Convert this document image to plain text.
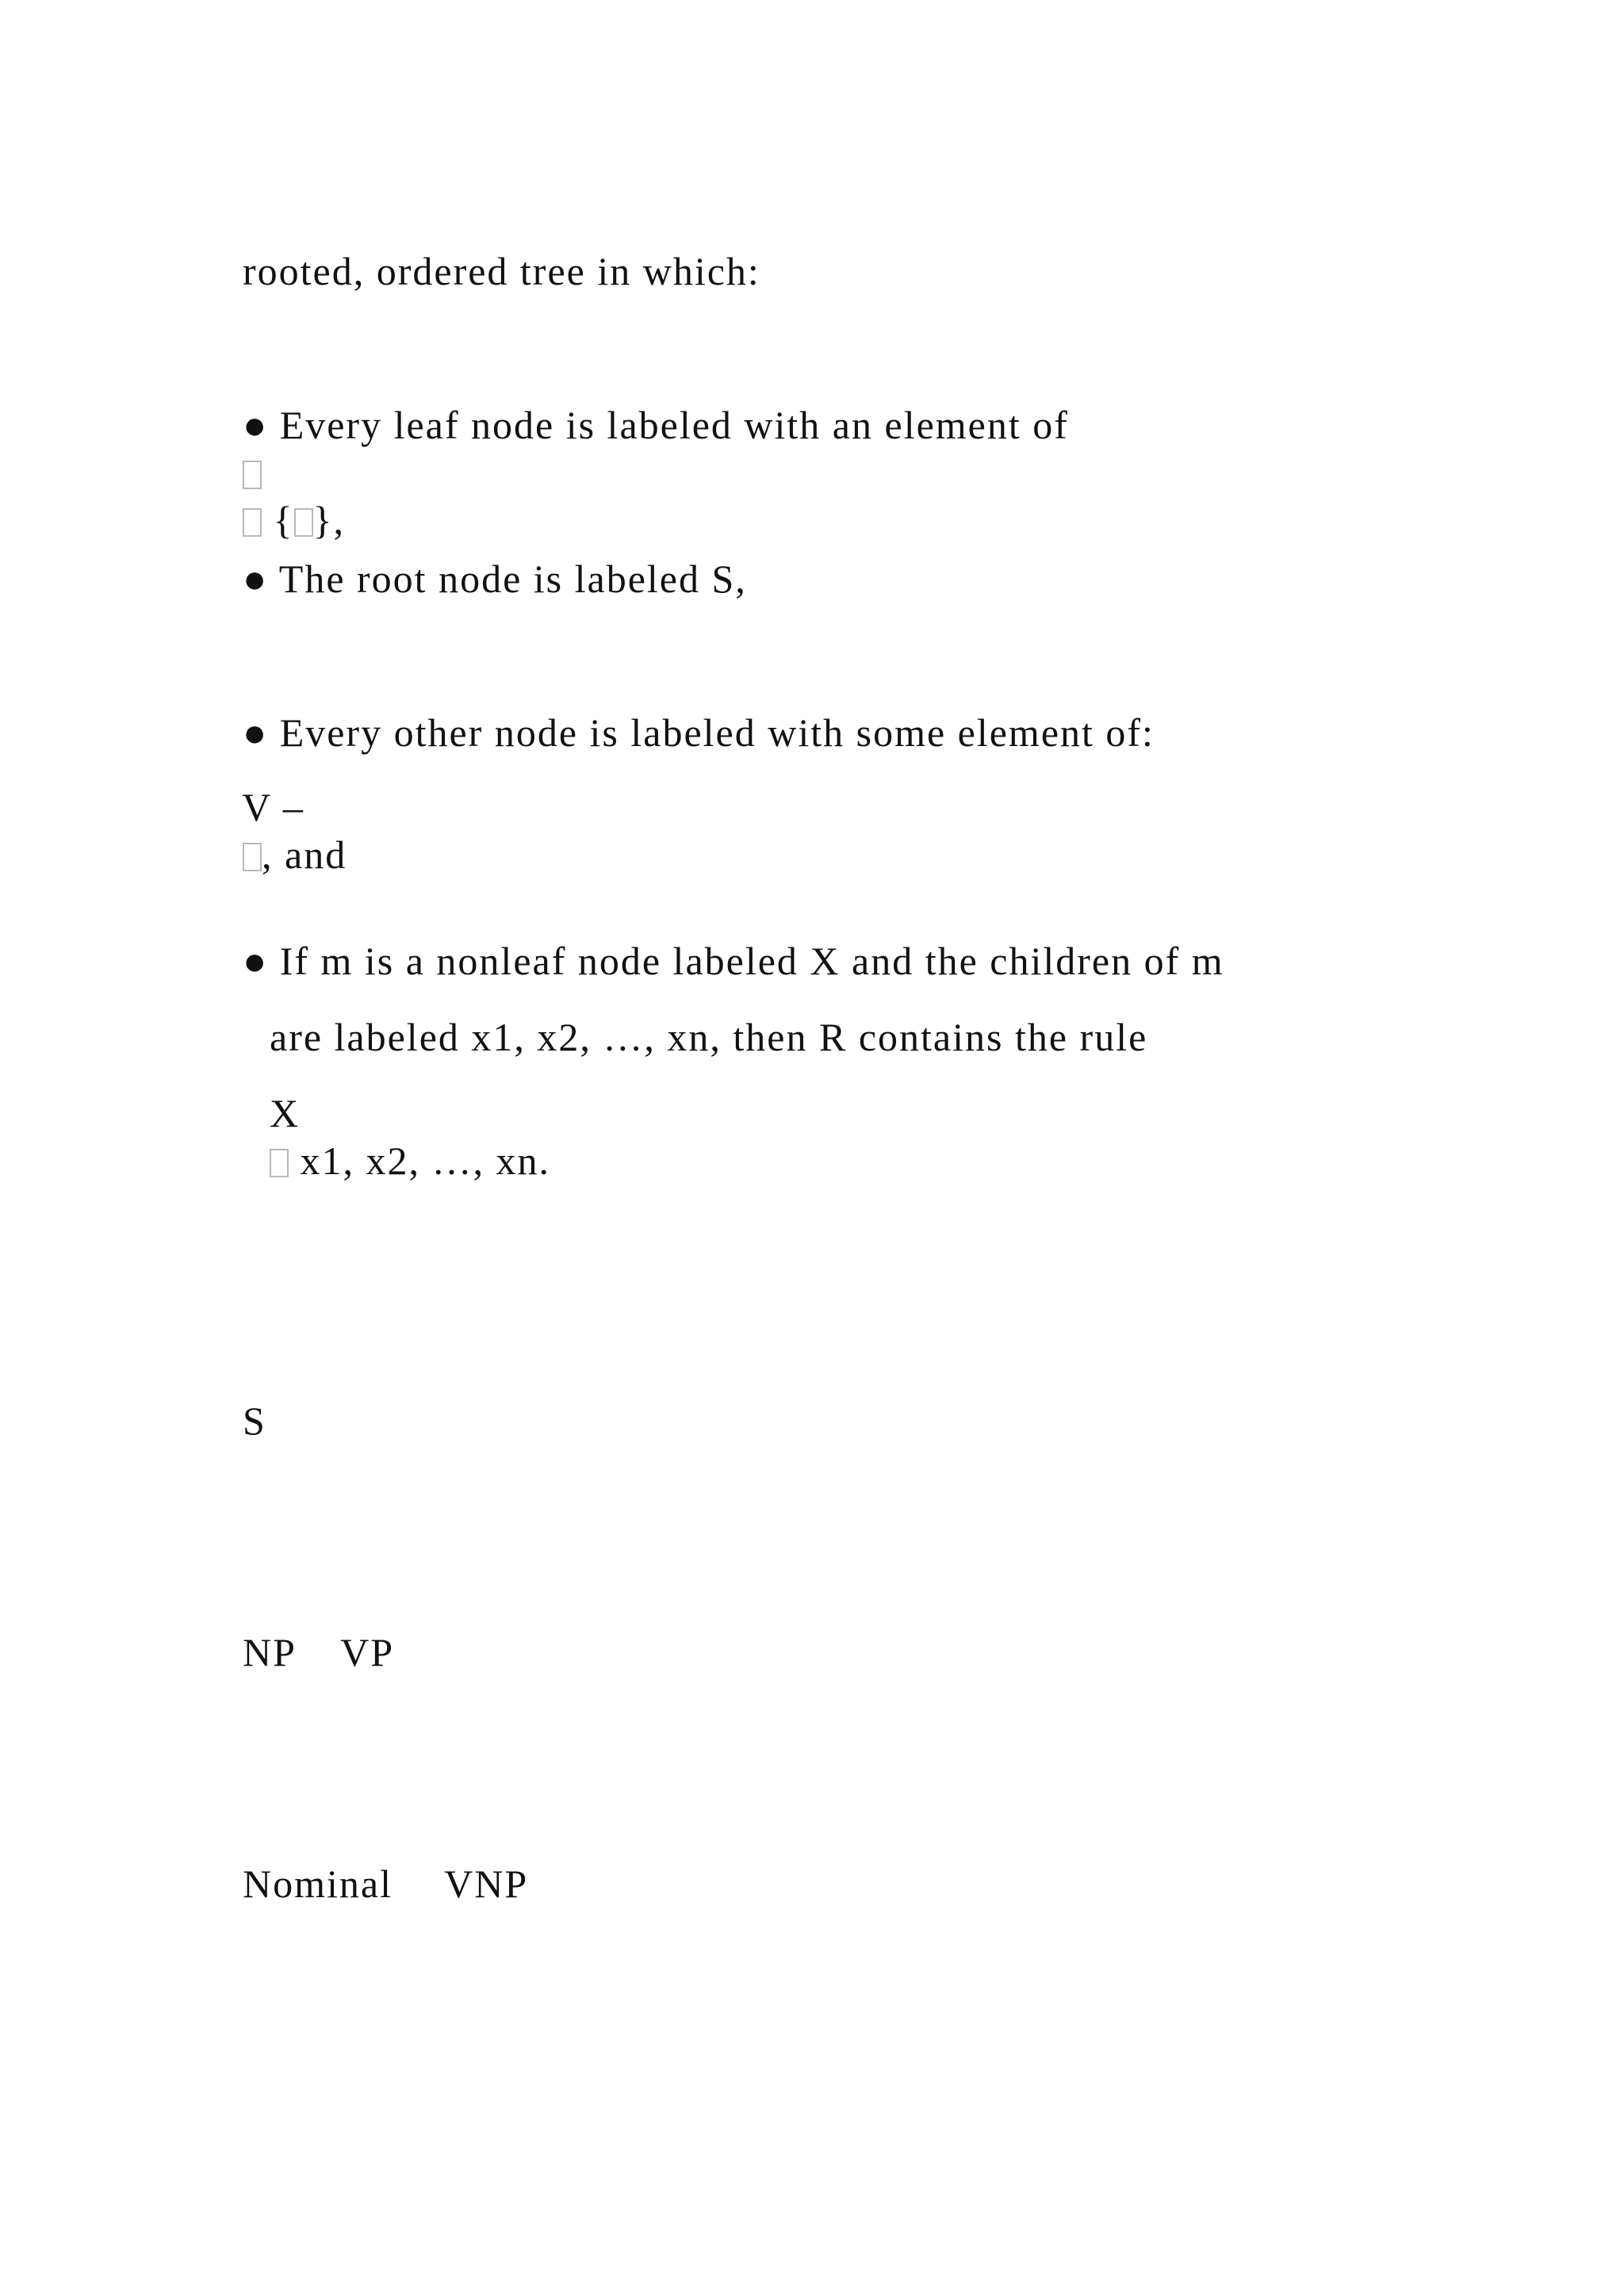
rooted, ordered tree in which:

● Every leaf node is labeled with an element of

{ },

● The root node is labeled S,

● Every other node is labeled with some element of:

V –
, and

● If m is a nonleaf node labeled X and the children of m

are labeled x1, x2, …, xn, then R contains the rule

X
x1, x2, …, xn.

S

NP
	VP

Nominal
	VNP
